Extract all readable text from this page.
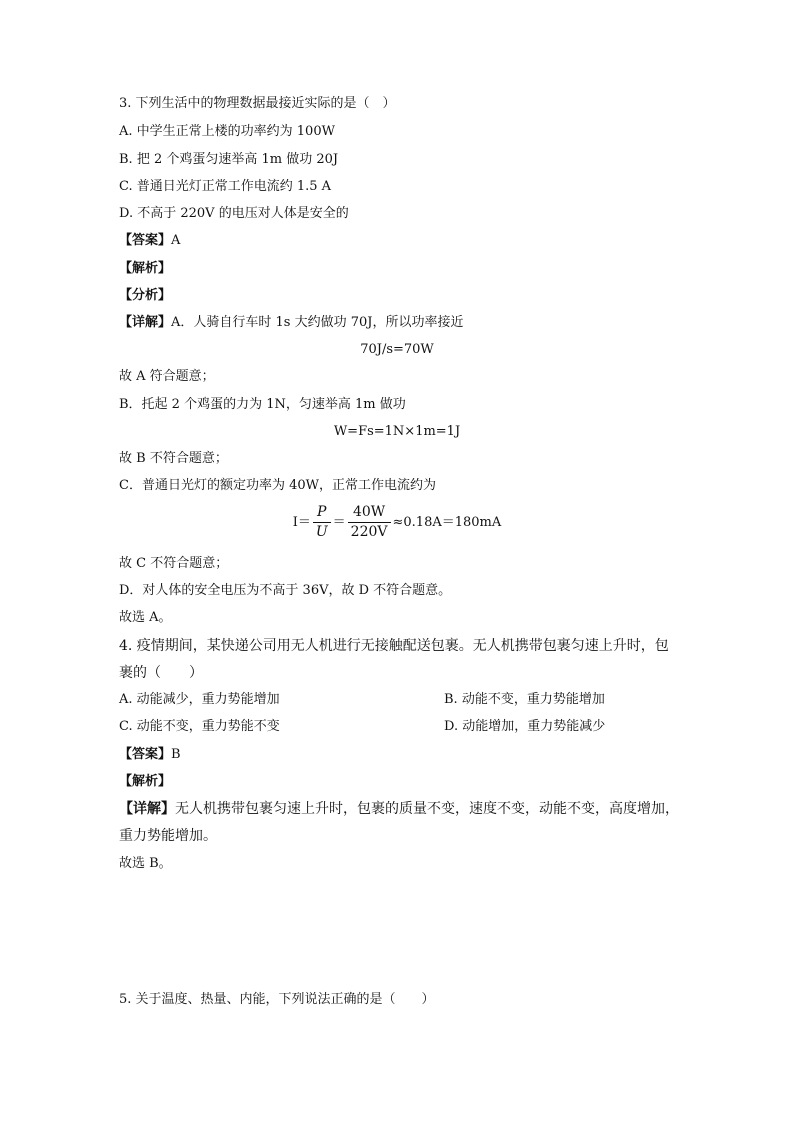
3. 下列生活中的物理数据最接近实际的是（　）
A. 中学生正常上楼的功率约为 100W
B. 把 2 个鸡蛋匀速举高 1m 做功 20J
C. 普通日光灯正常工作电流约 1.5 A
D. 不高于 220V 的电压对人体是安全的
【答案】A
【解析】
【分析】
【详解】A．人骑自行车时 1s 大约做功 70J，所以功率接近
70J/s=70W
故 A 符合题意；
B．托起 2 个鸡蛋的力为 1N，匀速举高 1m 做功
W=Fs=1N×1m=1J
故 B 不符合题意；
C．普通日光灯的额定功率为 40W，正常工作电流约为
$I= \frac{P}{U} = \frac{40W}{220V} \approx 0.18A=180mA$
故 C 不符合题意；
D．对人体的安全电压为不高于 36V，故 D 不符合题意。
故选 A。
4. 疫情期间，某快递公司用无人机进行无接触配送包裹。无人机携带包裹匀速上升时，包
裹的（　　）
A. 动能减少，重力势能增加	B. 动能不变，重力势能增加
C. 动能不变，重力势能不变	D. 动能增加，重力势能减少
【答案】B
【解析】
【详解】无人机携带包裹匀速上升时，包裹的质量不变，速度不变，动能不变，高度增加，
重力势能增加。
故选 B。
5. 关于温度、热量、内能，下列说法正确的是（　　）
